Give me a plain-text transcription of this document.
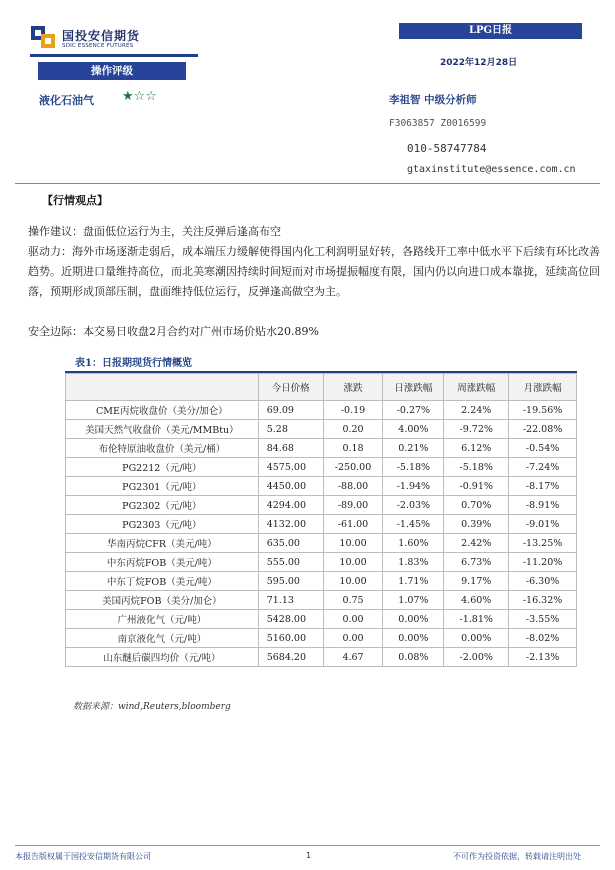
国投安信期货
SDIC ESSENCE FUTURES
LPG日报
2022年12月28日
操作评级
液化石油气 ★☆☆	李祖智 中级分析师
F3063857 Z0016599
010-58747784
gtaxinstitute@essence.com.cn
【行情观点】
操作建议：盘面低位运行为主，关注反弹后逢高布空
驱动力：海外市场逐渐走弱后，成本端压力缓解使得国内化工利润明显好转，各路线开工率中低水平下后续有环比改善趋势。近期进口量维持高位，而北美寒潮因持续时间短而对市场提振幅度有限，国内仍以向进口成本靠拢，延续高位回落，预期形成顶部压制，盘面维持低位运行，反弹逢高做空为主。
安全边际：本交易日收盘2月合约对广州市场价贴水20.89%
表1：日报期现货行情概览
	今日价格	涨跌	日涨跌幅	周涨跌幅	月涨跌幅
CME丙烷收盘价（美分/加仑）	69.09	-0.19	-0.27%	2.24%	-19.56%
美国天然气收盘价（美元/MMBtu）	5.28	0.20	4.00%	-9.72%	-22.08%
布伦特原油收盘价（美元/桶）	84.68	0.18	0.21%	6.12%	-0.54%
PG2212（元/吨）	4575.00	-250.00	-5.18%	-5.18%	-7.24%
PG2301（元/吨）	4450.00	-88.00	-1.94%	-0.91%	-8.17%
PG2302（元/吨）	4294.00	-89.00	-2.03%	0.70%	-8.91%
PG2303（元/吨）	4132.00	-61.00	-1.45%	0.39%	-9.01%
华南丙烷CFR（美元/吨）	635.00	10.00	1.60%	2.42%	-13.25%
中东丙烷FOB（美元/吨）	555.00	10.00	1.83%	6.73%	-11.20%
中东丁烷FOB（美元/吨）	595.00	10.00	1.71%	9.17%	-6.30%
美国丙烷FOB（美分/加仑）	71.13	0.75	1.07%	4.60%	-16.32%
广州液化气（元/吨）	5428.00	0.00	0.00%	-1.81%	-3.55%
南京液化气（元/吨）	5160.00	0.00	0.00%	0.00%	-8.02%
山东醚后碳四均价（元/吨）	5684.20	4.67	0.08%	-2.00%	-2.13%
数据来源：wind,Reuters,bloomberg
本报告版权属于国投安信期货有限公司	1	不可作为投资依据，转载请注明出处
